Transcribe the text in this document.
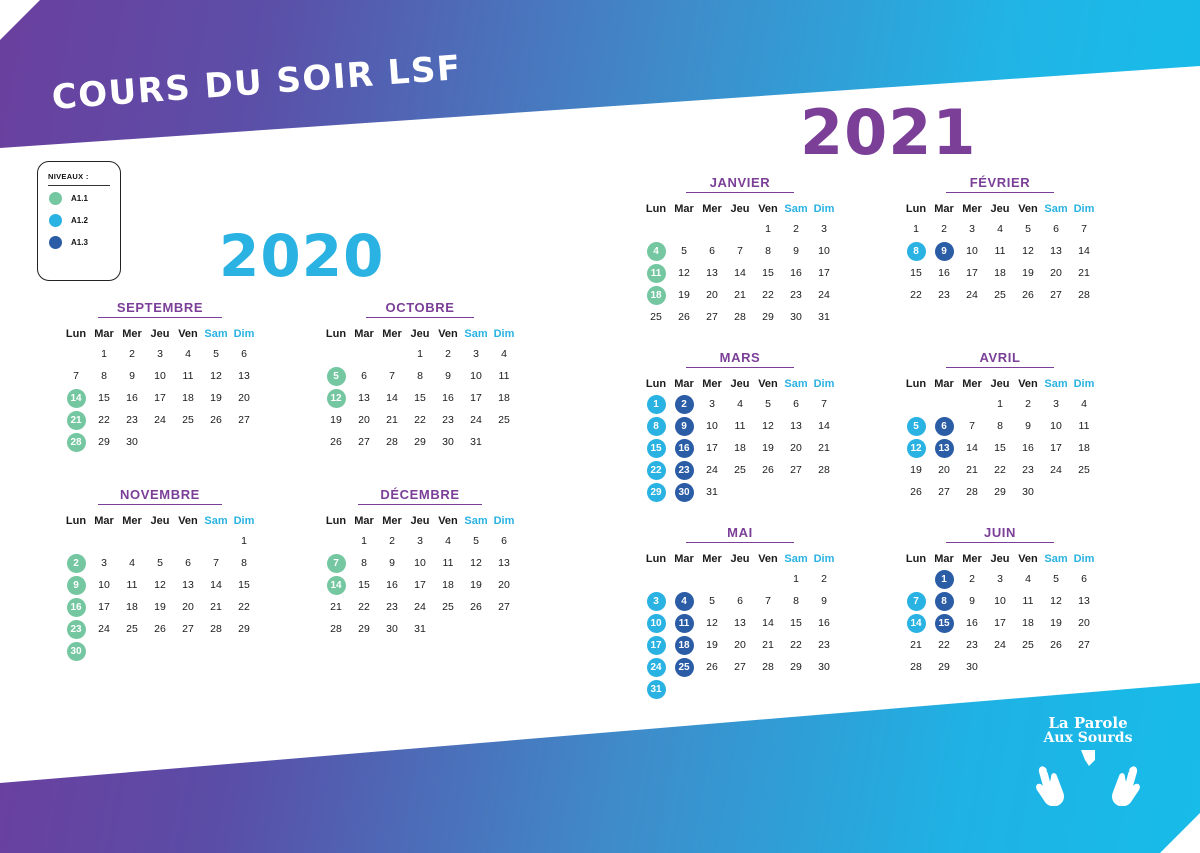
COURS DU SOIR LSF
2021
2020
NIVEAUX :
A1.1
A1.2
A1.3
SEPTEMBRE
Lun	Mar	Mer	Jeu	Ven	Sam	Dim
	1	2	3	4	5	6
7	8	9	10	11	12	13
14	15	16	17	18	19	20
21	22	23	24	25	26	27
28	29	30				
OCTOBRE
Lun	Mar	Mer	Jeu	Ven	Sam	Dim
			1	2	3	4
5	6	7	8	9	10	11
12	13	14	15	16	17	18
19	20	21	22	23	24	25
26	27	28	29	30	31	
NOVEMBRE
Lun	Mar	Mer	Jeu	Ven	Sam	Dim
						1
2	3	4	5	6	7	8
9	10	11	12	13	14	15
16	17	18	19	20	21	22
23	24	25	26	27	28	29
30						
DÉCEMBRE
Lun	Mar	Mer	Jeu	Ven	Sam	Dim
	1	2	3	4	5	6
7	8	9	10	11	12	13
14	15	16	17	18	19	20
21	22	23	24	25	26	27
28	29	30	31			
JANVIER
Lun	Mar	Mer	Jeu	Ven	Sam	Dim
				1	2	3
4	5	6	7	8	9	10
11	12	13	14	15	16	17
18	19	20	21	22	23	24
25	26	27	28	29	30	31
FÉVRIER
Lun	Mar	Mer	Jeu	Ven	Sam	Dim
1	2	3	4	5	6	7
8	9	10	11	12	13	14
15	16	17	18	19	20	21
22	23	24	25	26	27	28
MARS
Lun	Mar	Mer	Jeu	Ven	Sam	Dim
1	2	3	4	5	6	7
8	9	10	11	12	13	14
15	16	17	18	19	20	21
22	23	24	25	26	27	28
29	30	31				
AVRIL
Lun	Mar	Mer	Jeu	Ven	Sam	Dim
			1	2	3	4
5	6	7	8	9	10	11
12	13	14	15	16	17	18
19	20	21	22	23	24	25
26	27	28	29	30		
MAI
Lun	Mar	Mer	Jeu	Ven	Sam	Dim
					1	2
3	4	5	6	7	8	9
10	11	12	13	14	15	16
17	18	19	20	21	22	23
24	25	26	27	28	29	30
31						
JUIN
Lun	Mar	Mer	Jeu	Ven	Sam	Dim
	1	2	3	4	5	6
7	8	9	10	11	12	13
14	15	16	17	18	19	20
21	22	23	24	25	26	27
28	29	30				
La Parole
Aux Sourds
